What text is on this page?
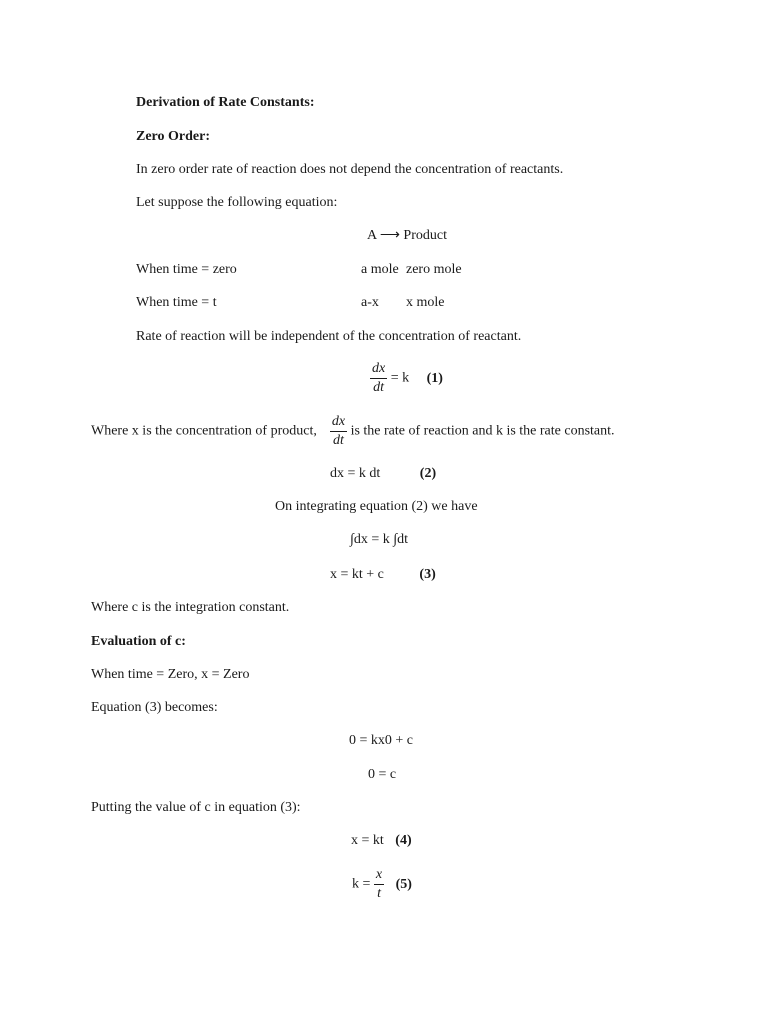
Derivation of Rate Constants:
Zero Order:
In zero order rate of reaction does not depend the concentration of reactants.
Let suppose the following equation:
A ⟶ Product
When time = zero	a mole zero mole
When time = t	a-x x mole
Rate of reaction will be independent of the concentration of reactant.
$\frac{dx}{dt} = k$ (1)
Where x is the concentration of product, $\frac{dx}{dt}$ is the rate of reaction and k is the rate constant.
dx = k dt	(2)
On integrating equation (2) we have
∫dx = k ∫dt
x = kt + c	(3)
Where c is the integration constant.
Evaluation of c:
When time = Zero, x = Zero
Equation (3) becomes:
0 = kx0 + c
0 = c
Putting the value of c in equation (3):
x = kt (4)
$k = \frac{x}{t} (5)$
